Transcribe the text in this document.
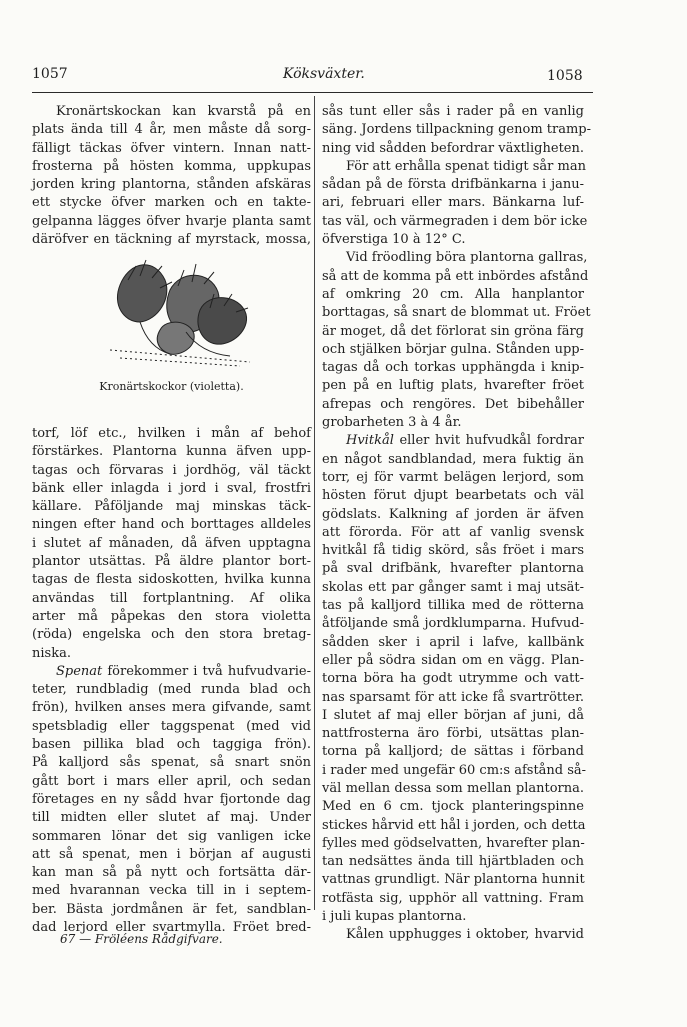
1057	Köksväxter.	1058
Kronärtskockan kan kvarstå på en
plats ända till 4 år, men måste då sorg-
fälligt täckas öfver vintern. Innan natt-
frosterna på hösten komma, uppkupas
jorden kring plantorna, stånden afskäras
ett stycke öfver marken och en takte-
gelpanna lägges öfver hvarje planta samt
däröfver en täckning af myrstack, mossa,
Kronärtskockor (violetta).
torf, löf etc., hvilken i mån af behof
förstärkes. Plantorna kunna äfven upp-
tagas och förvaras i jordhög, väl täckt
bänk eller inlagda i jord i sval, frostfri
källare. Påföljande maj minskas täck-
ningen efter hand och borttages alldeles
i slutet af månaden, då äfven upptagna
plantor utsättas. På äldre plantor bort-
tagas de flesta sidoskotten, hvilka kunna
användas till fortplantning. Af olika
arter må påpekas den stora violetta
(röda) engelska och den stora bretag-
niska.
Spenat förekommer i två hufvudvarie-
teter, rundbladig (med runda blad och
frön), hvilken anses mera gifvande, samt
spetsbladig eller taggspenat (med vid
basen pillika blad och taggiga frön).
På kalljord sås spenat, så snart snön
gått bort i mars eller april, och sedan
företages en ny sådd hvar fjortonde dag
till midten eller slutet af maj. Under
sommaren lönar det sig vanligen icke
att så spenat, men i början af augusti
kan man så på nytt och fortsätta där-
med hvarannan vecka till in i septem-
ber. Bästa jordmånen är fet, sandblan-
dad lerjord eller svartmylla. Fröet bred-
sås tunt eller sås i rader på en vanlig
säng. Jordens tillpackning genom tramp-
ning vid sådden befordrar växtligheten.
För att erhålla spenat tidigt sår man
sådan på de första drifbänkarna i janu-
ari, februari eller mars. Bänkarna luf-
tas väl, och värmegraden i dem bör icke
öfverstiga 10 à 12° C.
Vid fröodling böra plantorna gallras,
så att de komma på ett inbördes afstånd
af omkring 20 cm. Alla hanplantor
borttagas, så snart de blommat ut. Fröet
är moget, då det förlorat sin gröna färg
och stjälken börjar gulna. Stånden upp-
tagas då och torkas upphängda i knip-
pen på en luftig plats, hvarefter fröet
afrepas och rengöres. Det bibehåller
grobarheten 3 à 4 år.
Hvitkål eller hvit hufvudkål fordrar
en något sandblandad, mera fuktig än
torr, ej för varmt belägen lerjord, som
hösten förut djupt bearbetats och väl
gödslats. Kalkning af jorden är äfven
att förorda. För att af vanlig svensk
hvitkål få tidig skörd, sås fröet i mars
på sval drifbänk, hvarefter plantorna
skolas ett par gånger samt i maj utsät-
tas på kalljord tillika med de rötterna
åtföljande små jordklumparna. Hufvud-
sådden sker i april i lafve, kallbänk
eller på södra sidan om en vägg. Plan-
torna böra ha godt utrymme och vatt-
nas sparsamt för att icke få svartrötter.
I slutet af maj eller början af juni, då
nattfrosterna äro förbi, utsättas plan-
torna på kalljord; de sättas i förband
i rader med ungefär 60 cm:s afstånd så-
väl mellan dessa som mellan plantorna.
Med en 6 cm. tjock planteringspinne
stickes hårvid ett hål i jorden, och detta
fylles med gödselvatten, hvarefter plan-
tan nedsättes ända till hjärtbladen och
vattnas grundligt. När plantorna hunnit
rotfästa sig, upphör all vattning. Fram
i juli kupas plantorna.
Kålen upphugges i oktober, hvarvid
67 — Fröléens Rådgifvare.
